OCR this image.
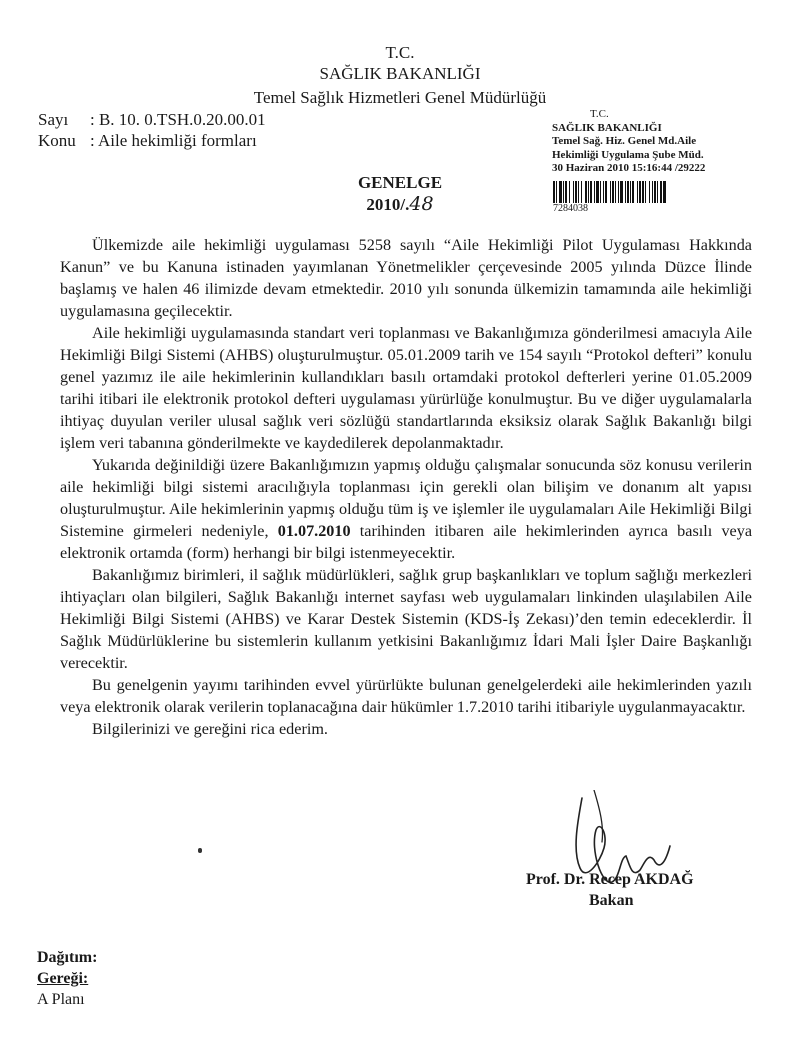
T.C.
SAĞLIK BAKANLIĞI
Temel Sağlık Hizmetleri Genel Müdürlüğü
Sayı : B. 10. 0.TSH.0.20.00.01
Konu : Aile hekimliği formları
T.C.
SAĞLIK BAKANLIĞI
Temel Sağ. Hiz. Genel Md.Aile
Hekimliği Uygulama Şube Müd.
30 Haziran 2010 15:16:44 /29222
7284038
GENELGE
2010/.48

Ülkemizde aile hekimliği uygulaması 5258 sayılı “Aile Hekimliği Pilot Uygulaması Hakkında Kanun” ve bu Kanuna istinaden yayımlanan Yönetmelikler çerçevesinde 2005 yılında Düzce İlinde başlamış ve halen 46 ilimizde devam etmektedir. 2010 yılı sonunda ülkemizin tamamında aile hekimliği uygulamasına geçilecektir.

Aile hekimliği uygulamasında standart veri toplanması ve Bakanlığımıza gönderilmesi amacıyla Aile Hekimliği Bilgi Sistemi (AHBS) oluşturulmuştur. 05.01.2009 tarih ve 154 sayılı “Protokol defteri” konulu genel yazımız ile aile hekimlerinin kullandıkları basılı ortamdaki protokol defterleri yerine 01.05.2009 tarihi itibari ile elektronik protokol defteri uygulaması yürürlüğe konulmuştur. Bu ve diğer uygulamalarla ihtiyaç duyulan veriler ulusal sağlık veri sözlüğü standartlarında eksiksiz olarak Sağlık Bakanlığı bilgi işlem veri tabanına gönderilmekte ve kaydedilerek depolanmaktadır.

Yukarıda değinildiği üzere Bakanlığımızın yapmış olduğu çalışmalar sonucunda söz konusu verilerin aile hekimliği bilgi sistemi aracılığıyla toplanması için gerekli olan bilişim ve donanım alt yapısı oluşturulmuştur. Aile hekimlerinin yapmış olduğu tüm iş ve işlemler ile uygulamaları Aile Hekimliği Bilgi Sistemine girmeleri nedeniyle, 01.07.2010 tarihinden itibaren aile hekimlerinden ayrıca basılı veya elektronik ortamda (form) herhangi bir bilgi istenmeyecektir.

Bakanlığımız birimleri, il sağlık müdürlükleri, sağlık grup başkanlıkları ve toplum sağlığı merkezleri ihtiyaçları olan bilgileri, Sağlık Bakanlığı internet sayfası web uygulamaları linkinden ulaşılabilen Aile Hekimliği Bilgi Sistemi (AHBS) ve Karar Destek Sistemin (KDS-İş Zekası)’den temin edeceklerdir. İl Sağlık Müdürlüklerine bu sistemlerin kullanım yetkisini Bakanlığımız İdari Mali İşler Daire Başkanlığı verecektir.

Bu genelgenin yayımı tarihinden evvel yürürlükte bulunan genelgelerdeki aile hekimlerinden yazılı veya elektronik olarak verilerin toplanacağına dair hükümler 1.7.2010 tarihi itibariyle uygulanmayacaktır.

Bilgilerinizi ve gereğini rica ederim.

Prof. Dr. Recep AKDAĞ
Bakan
Dağıtım:
Gereği:
A Planı
